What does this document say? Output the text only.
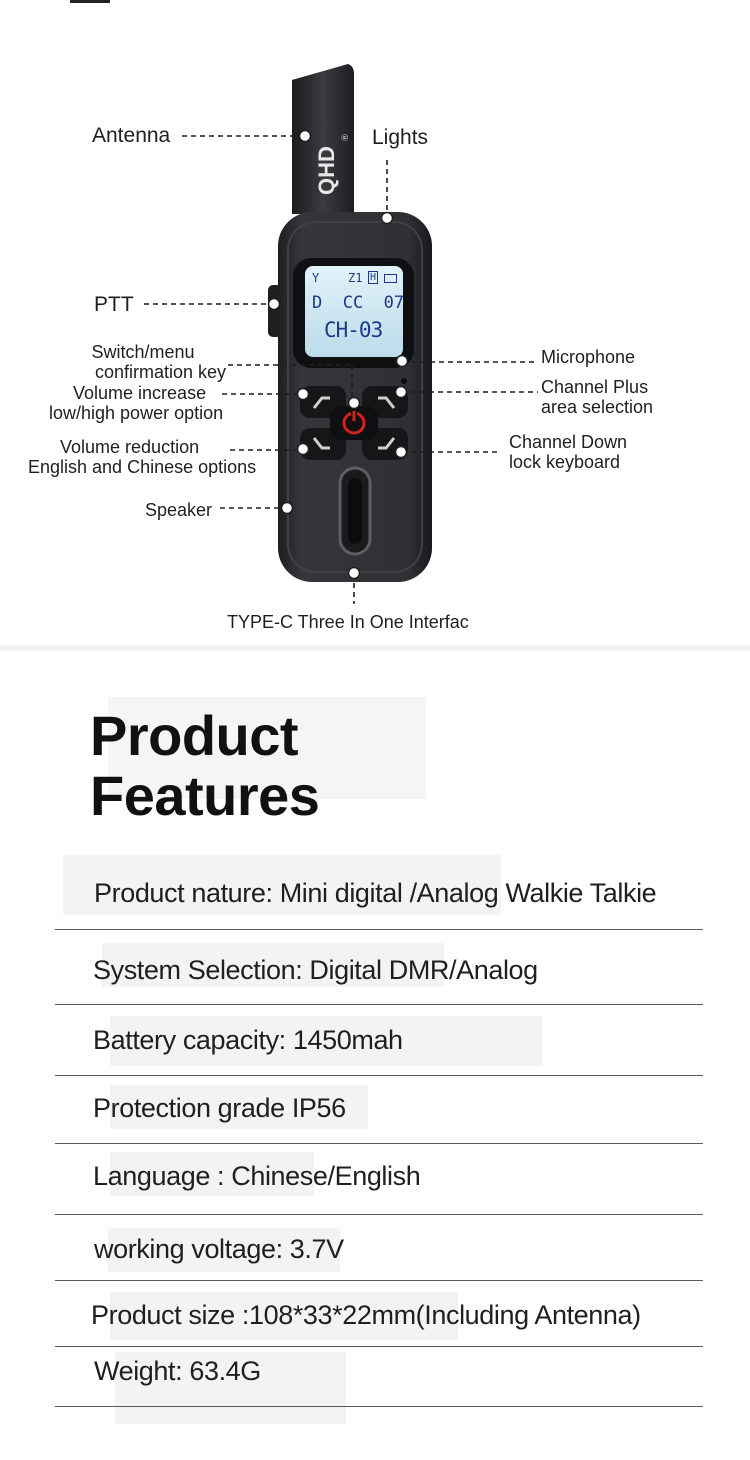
QHD
®
Y Z1 H
D  CC  07
CH-03
Antenna	Lights
PTT
Switch/menu
confirmation key
Microphone
Volume increase
low/high power option
Channel Plus
area selection
Volume reduction
English and Chinese options
Channel Down
lock keyboard
Speaker
TYPE-C Three In One Interfac
Product
Features
Product nature: Mini digital /Analog Walkie Talkie
System Selection: Digital DMR/Analog
Battery capacity: 1450mah
Protection grade IP56
Language : Chinese/English
working voltage: 3.7V
Product size :108*33*22mm(Including Antenna)
Weight: 63.4G
